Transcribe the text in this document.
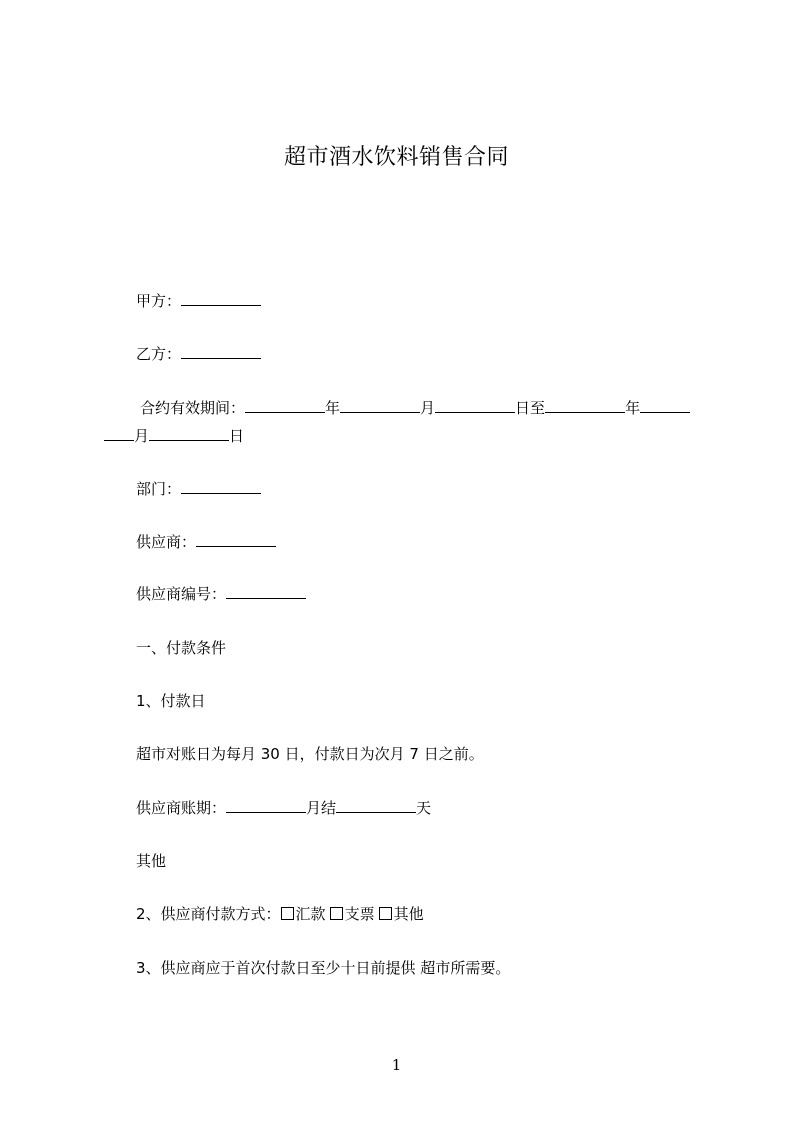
超市酒水饮料销售合同
甲方：
乙方：
合约有效期间：	年	月	日至	年
月	日
部门：
供应商：
供应商编号：
一、付款条件
1、付款日
超市对账日为每月 30 日，付款日为次月 7 日之前。
供应商账期：	月结	天
其他
2、供应商付款方式： 汇款 支票 其他
3、供应商应于首次付款日至少十日前提供 超市所需要。
1
